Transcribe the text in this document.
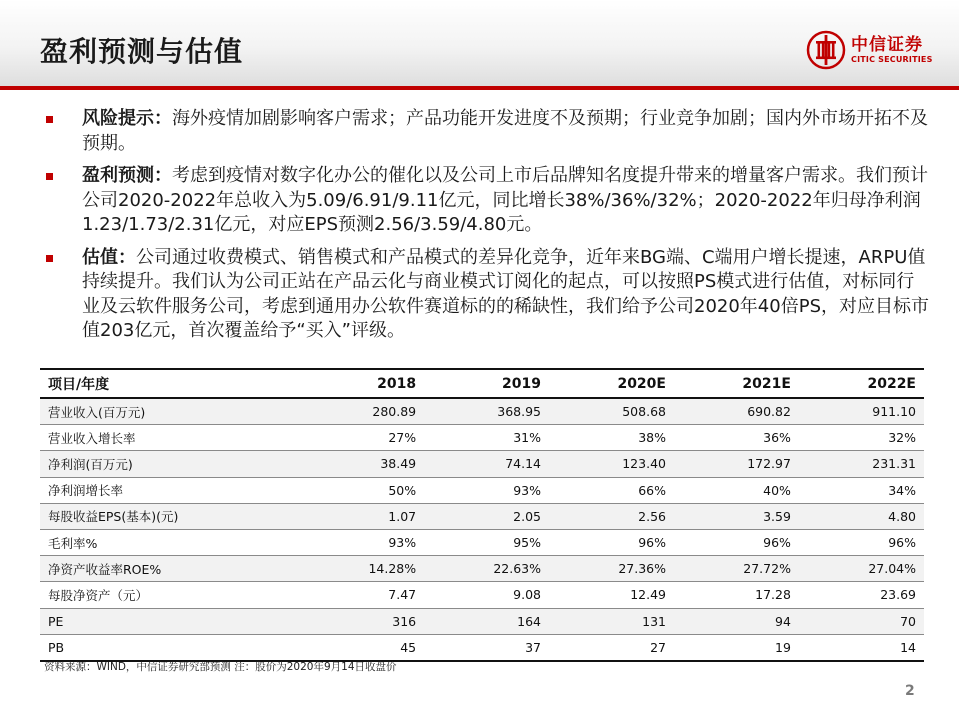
盈利预测与估值	中信证券
CITIC SECURITIES
风险提示：海外疫情加剧影响客户需求；产品功能开发进度不及预期；行业竞争加剧；国内外市场开拓不及预期。
盈利预测：考虑到疫情对数字化办公的催化以及公司上市后品牌知名度提升带来的增量客户需求。我们预计公司2020-2022年总收入为5.09/6.91/9.11亿元，同比增长38%/36%/32%；2020-2022年归母净利润1.23/1.73/2.31亿元，对应EPS预测2.56/3.59/4.80元。
估值：公司通过收费模式、销售模式和产品模式的差异化竞争，近年来BG端、C端用户增长提速，ARPU值持续提升。我们认为公司正站在产品云化与商业模式订阅化的起点，可以按照PS模式进行估值，对标同行业及云软件服务公司，考虑到通用办公软件赛道标的的稀缺性，我们给予公司2020年40倍PS，对应目标市值203亿元，首次覆盖给予“买入”评级。
项目/年度	2018	2019	2020E	2021E	2022E
营业收入(百万元)	280.89	368.95	508.68	690.82	911.10
营业收入增长率	27%	31%	38%	36%	32%
净利润(百万元)	38.49	74.14	123.40	172.97	231.31
净利润增长率	50%	93%	66%	40%	34%
每股收益EPS(基本)(元)	1.07	2.05	2.56	3.59	4.80
毛利率%	93%	95%	96%	96%	96%
净资产收益率ROE%	14.28%	22.63%	27.36%	27.72%	27.04%
每股净资产（元）	7.47	9.08	12.49	17.28	23.69
PE	316	164	131	94	70
PB	45	37	27	19	14
资料来源：WIND，中信证券研究部预测 注：股价为2020年9月14日收盘价
2
